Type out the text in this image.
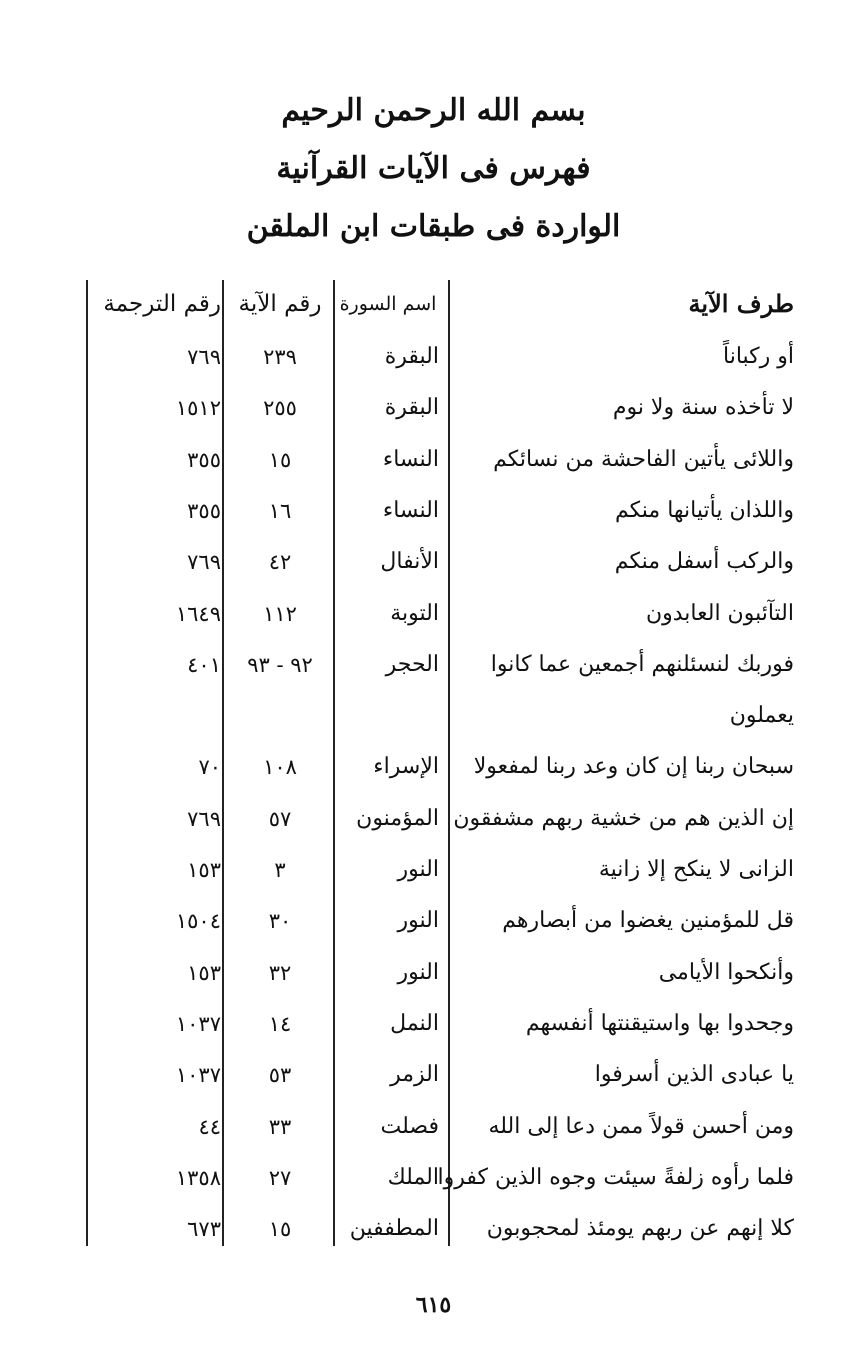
بسم الله الرحمن الرحيم
فهرس فى الآيات القرآنية
الواردة فى طبقات ابن الملقن
طرف الآية
اسم السورة
رقم الآية
رقم الترجمة
أو ركباناً
البقرة
٢٣٩
٧٦٩
لا تأخذه سنة ولا نوم
البقرة
٢٥٥
١٥١٢
واللائى يأتين الفاحشة من نسائكم
النساء
١٥
٣٥٥
واللذان يأتيانها منكم
النساء
١٦
٣٥٥
والركب أسفل منكم
الأنفال
٤٢
٧٦٩
التآئبون العابدون
التوبة
١١٢
١٦٤٩
فوربك لنسئلنهم أجمعين عما كانوا
الحجر
٩٢ - ٩٣
٤٠١
يعملون
سبحان ربنا إن كان وعد ربنا لمفعولا
الإسراء
١٠٨
٧٠
إن الذين هم من خشية ربهم مشفقون
المؤمنون
٥٧
٧٦٩
الزانى لا ينكح إلا زانية
النور
٣
١٥٣
قل للمؤمنين يغضوا من أبصارهم
النور
٣٠
١٥٠٤
وأنكحوا الأيامى
النور
٣٢
١٥٣
وجحدوا بها واستيقنتها أنفسهم
النمل
١٤
١٠٣٧
يا عبادى الذين أسرفوا
الزمر
٥٣
١٠٣٧
ومن أحسن قولاً ممن دعا إلى الله
فصلت
٣٣
٤٤
فلما رأوه زلفةً سيئت وجوه الذين كفروا
الملك
٢٧
١٣٥٨
كلا إنهم عن ربهم يومئذ لمحجوبون
المطففين
١٥
٦٧٣
٦١٥
